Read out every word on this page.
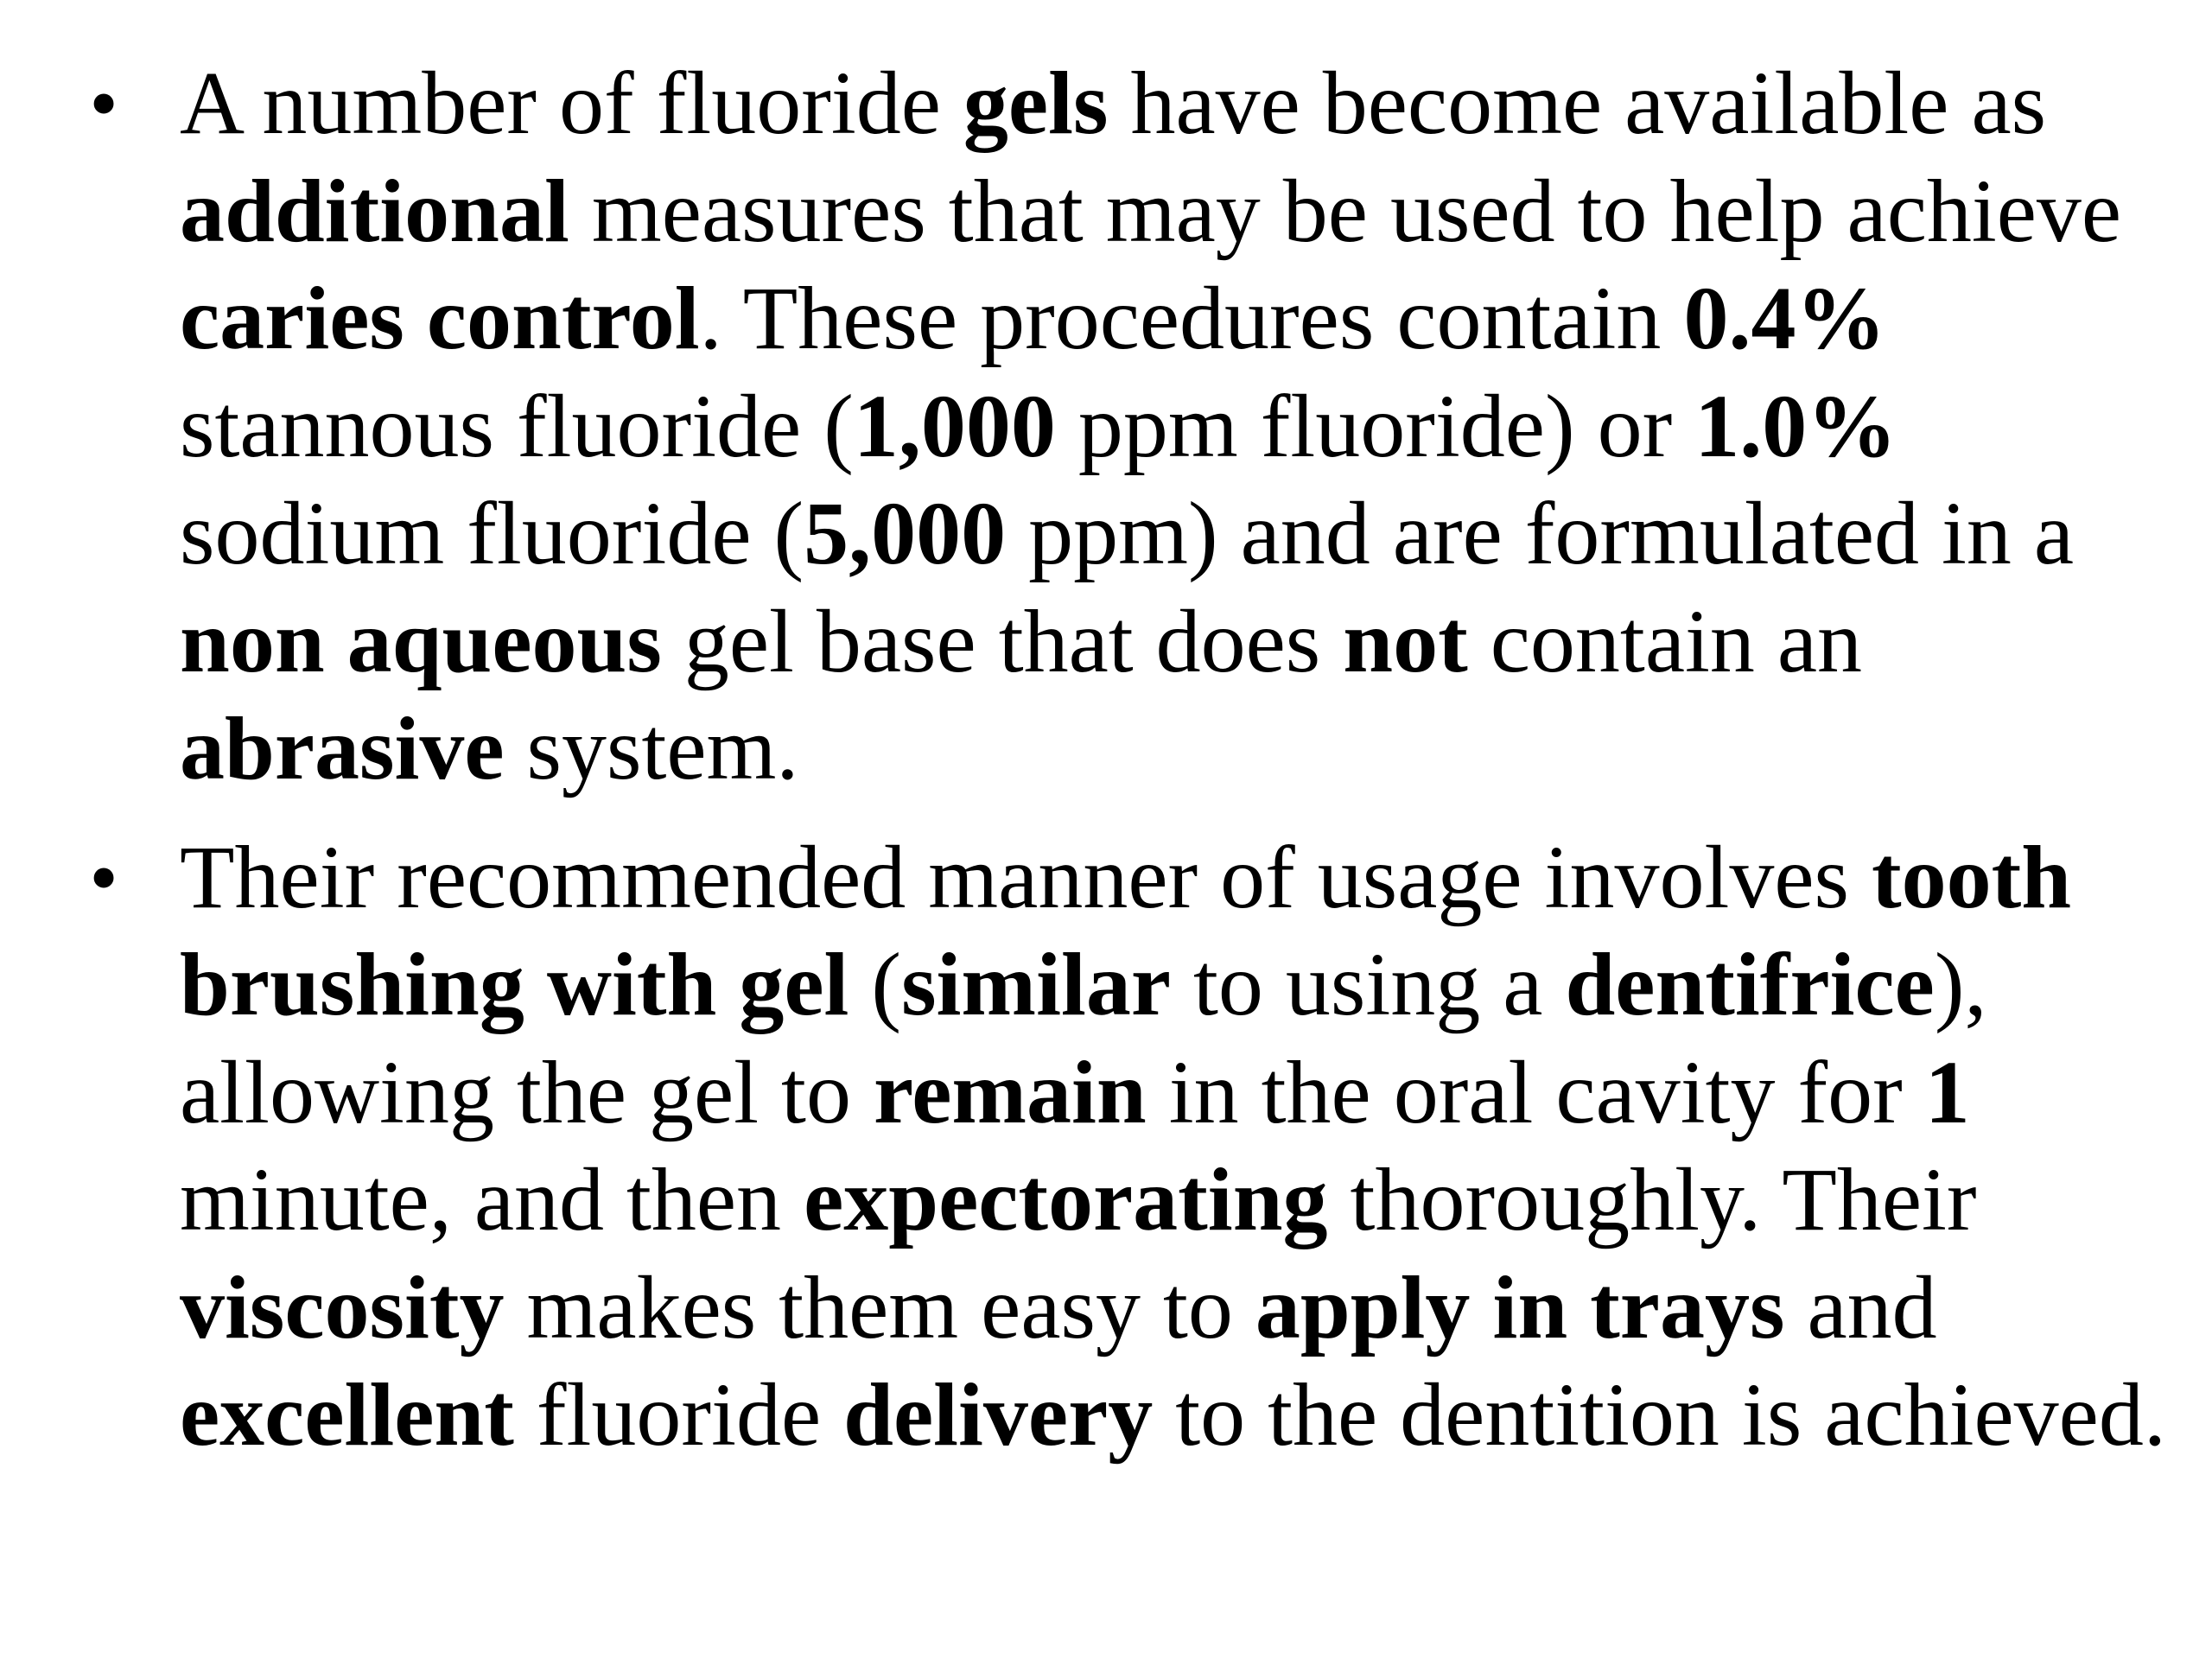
• A number of fluoride gels have become available as additional measures that may be used to help achieve caries control. These procedures contain 0.4% stannous fluoride (1,000 ppm fluoride) or 1.0% sodium fluoride (5,000 ppm) and are formulated in a non aqueous gel base that does not contain an abrasive system.
• Their recommended manner of usage involves tooth brushing with gel (similar to using a dentifrice), allowing the gel to remain in the oral cavity for 1 minute, and then expectorating thoroughly. Their viscosity makes them easy to apply in trays and excellent fluoride delivery to the dentition is achieved.
